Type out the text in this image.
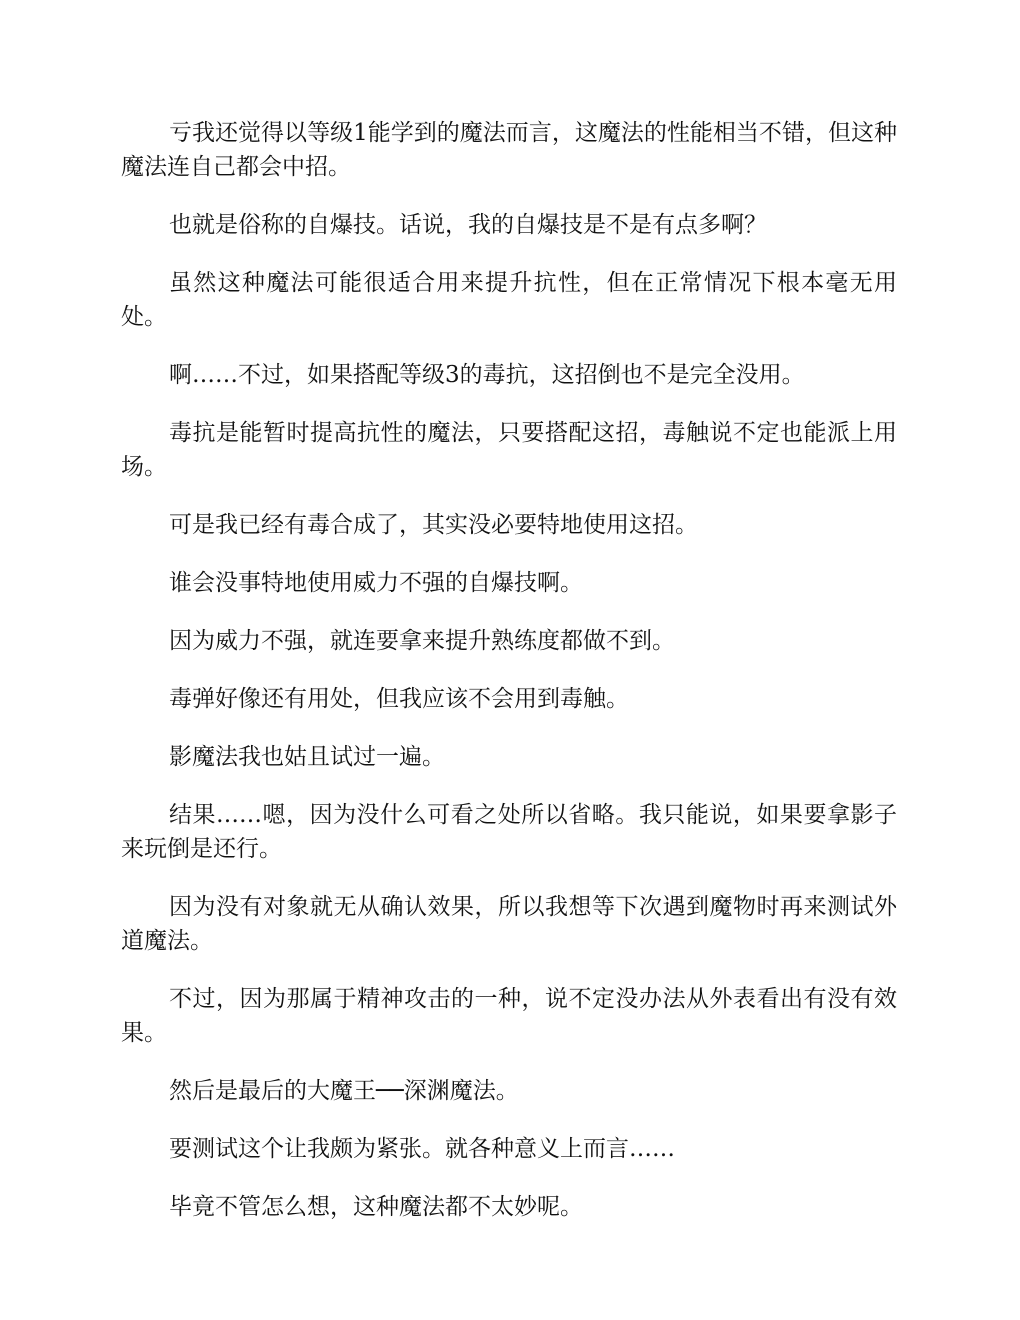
亏我还觉得以等级1能学到的魔法而言，这魔法的性能相当不错，但这种魔法连自己都会中招。

也就是俗称的自爆技。话说，我的自爆技是不是有点多啊？

虽然这种魔法可能很适合用来提升抗性，但在正常情况下根本毫无用处。

啊……不过，如果搭配等级3的毒抗，这招倒也不是完全没用。

毒抗是能暂时提高抗性的魔法，只要搭配这招，毒触说不定也能派上用场。

可是我已经有毒合成了，其实没必要特地使用这招。

谁会没事特地使用威力不强的自爆技啊。

因为威力不强，就连要拿来提升熟练度都做不到。

毒弹好像还有用处，但我应该不会用到毒触。

影魔法我也姑且试过一遍。

结果……嗯，因为没什么可看之处所以省略。我只能说，如果要拿影子来玩倒是还行。

因为没有对象就无从确认效果，所以我想等下次遇到魔物时再来测试外道魔法。

不过，因为那属于精神攻击的一种，说不定没办法从外表看出有没有效果。

然后是最后的大魔王──深渊魔法。

要测试这个让我颇为紧张。就各种意义上而言……

毕竟不管怎么想，这种魔法都不太妙呢。
